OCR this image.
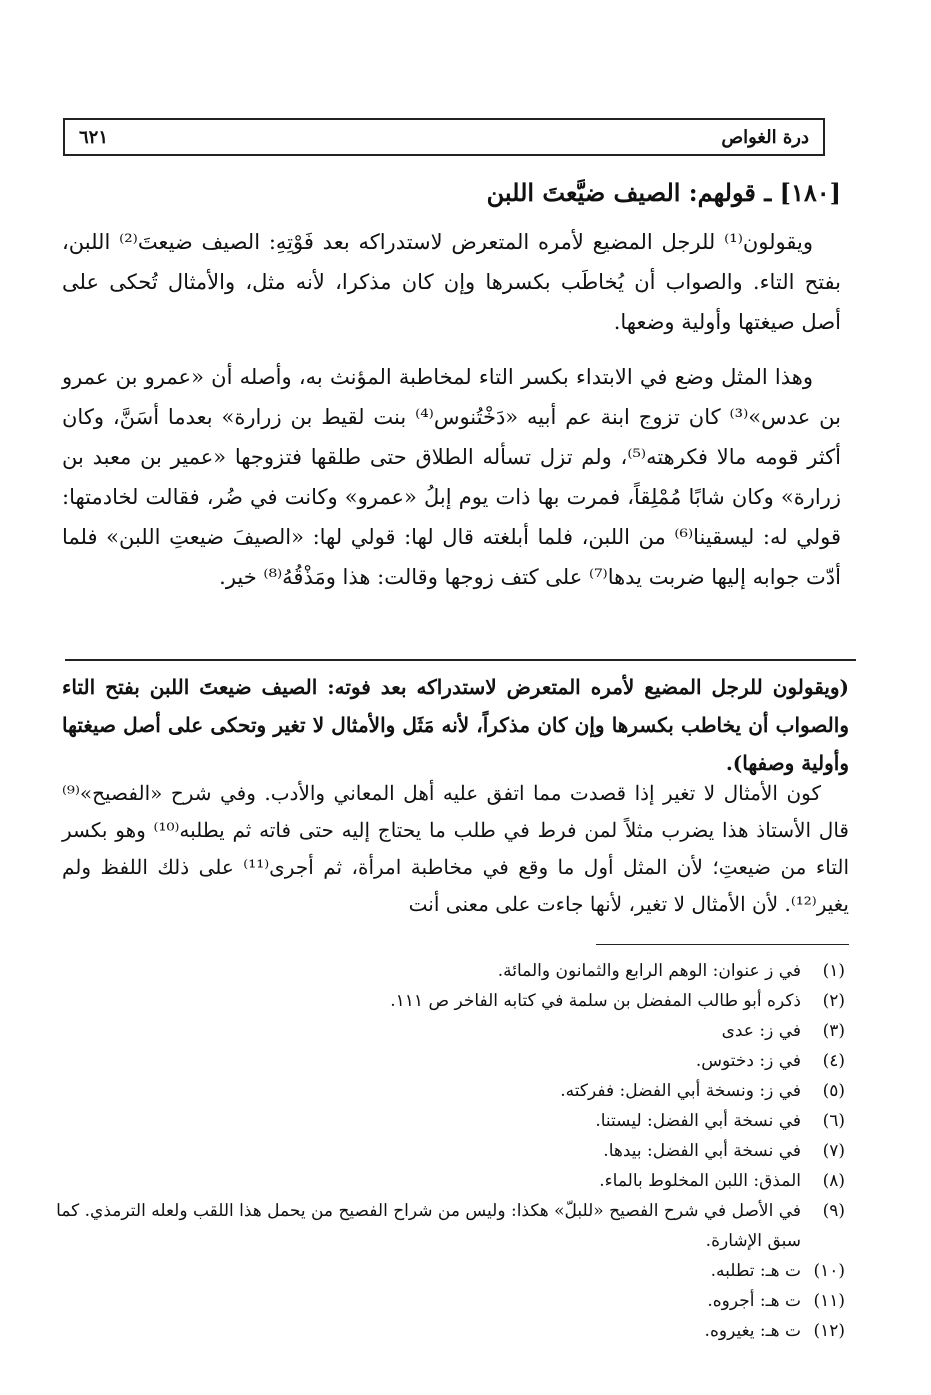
درة الغواص
٦٢١
[١٨٠] ـ قولهم: الصيف ضيَّعتَ اللبن

ويقولون⁽¹⁾ للرجل المضيع لأمره المتعرض لاستدراكه بعد فَوْتِهِ: الصيف ضيعتَ⁽²⁾ اللبن، بفتح التاء. والصواب أن يُخاطَب بكسرها وإن كان مذكرا، لأنه مثل، والأمثال تُحكى على أصل صيغتها وأولية وضعها.

وهذا المثل وضع في الابتداء بكسر التاء لمخاطبة المؤنث به، وأصله أن «عمرو بن عمرو بن عدس»⁽³⁾ كان تزوج ابنة عم أبيه «دَخْتُنوس⁽⁴⁾ بنت لقيط بن زرارة» بعدما أسَنَّ، وكان أكثر قومه مالا فكرهته⁽⁵⁾، ولم تزل تسأله الطلاق حتى طلقها فتزوجها «عمير بن معبد بن زرارة» وكان شابًا مُمْلِقاً، فمرت بها ذات يوم إبلُ «عمرو» وكانت في ضُر، فقالت لخادمتها: قولي له: ليسقينا⁽⁶⁾ من اللبن، فلما أبلغته قال لها: قولي لها: «الصيفَ ضيعتِ اللبن» فلما أدّت جوابه إليها ضربت يدها⁽⁷⁾ على كتف زوجها وقالت: هذا ومَذْقُهُ⁽⁸⁾ خير.

(ويقولون للرجل المضيع لأمره المتعرض لاستدراكه بعد فوته: الصيف ضيعتَ اللبن بفتح التاء والصواب أن يخاطب بكسرها وإن كان مذكراً، لأنه مَثَل والأمثال لا تغير وتحكى على أصل صيغتها وأولية وصفها).

كون الأمثال لا تغير إذا قصدت مما اتفق عليه أهل المعاني والأدب. وفي شرح «الفصيح»⁽⁹⁾ قال الأستاذ هذا يضرب مثلاً لمن فرط في طلب ما يحتاج إليه حتى فاته ثم يطلبه⁽¹⁰⁾ وهو بكسر التاء من ضيعتِ؛ لأن المثل أول ما وقع في مخاطبة امرأة، ثم أجرى⁽¹¹⁾ على ذلك اللفظ ولم يغير⁽¹²⁾. لأن الأمثال لا تغير، لأنها جاءت على معنى أنت

(١)
في ز عنوان: الوهم الرابع والثمانون والمائة.
(٢)
ذكره أبو طالب المفضل بن سلمة في كتابه الفاخر ص ١١١.
(٣)
في ز: عدى
(٤)
في ز: دختوس.
(٥)
في ز: ونسخة أبي الفضل: ففركته.
(٦)
في نسخة أبي الفضل: ليستنا.
(٧)
في نسخة أبي الفضل: بيدها.
(٨)
المذق: اللبن المخلوط بالماء.
(٩)
في الأصل في شرح الفصيح «للبلّ» هكذا: وليس من شراح الفصيح من يحمل هذا اللقب ولعله الترمذي. كما سبق الإشارة.
(١٠)
ت هـ: تطلبه.
(١١)
ت هـ: أجروه.
(١٢)
ت هـ: يغيروه.
